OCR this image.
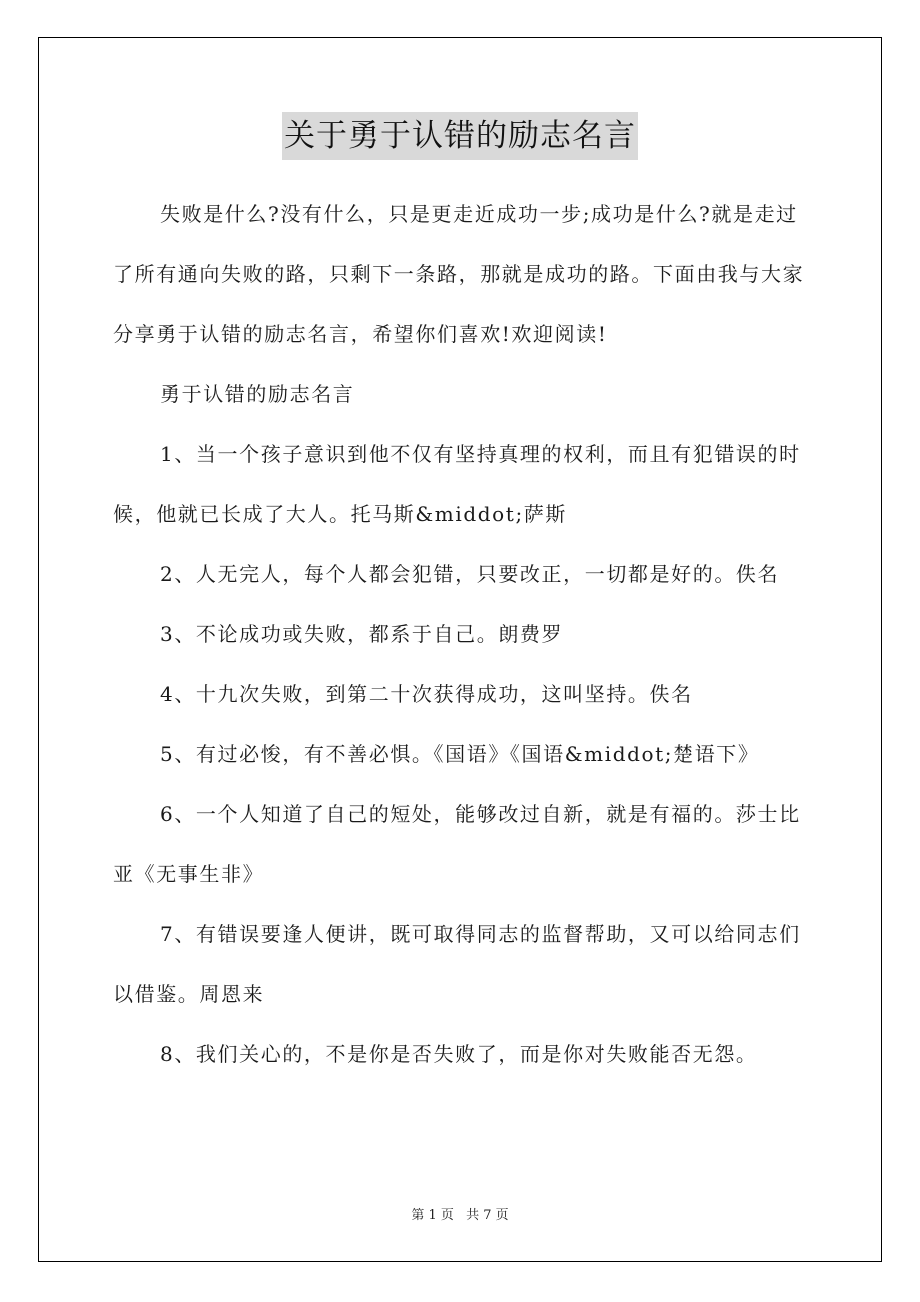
关于勇于认错的励志名言

失败是什么?没有什么，只是更走近成功一步;成功是什么?就是走过了所有通向失败的路，只剩下一条路，那就是成功的路。下面由我与大家分享勇于认错的励志名言，希望你们喜欢!欢迎阅读!

勇于认错的励志名言

1、当一个孩子意识到他不仅有坚持真理的权利，而且有犯错误的时候，他就已长成了大人。托马斯&middot;萨斯

2、人无完人，每个人都会犯错，只要改正，一切都是好的。佚名

3、不论成功或失败，都系于自己。朗费罗

4、十九次失败，到第二十次获得成功，这叫坚持。佚名

5、有过必悛，有不善必惧。《国语》《国语&middot;楚语下》

6、一个人知道了自己的短处，能够改过自新，就是有福的。莎士比亚《无事生非》

7、有错误要逢人便讲，既可取得同志的监督帮助，又可以给同志们以借鉴。周恩来

8、我们关心的，不是你是否失败了，而是你对失败能否无怨。

第 1 页 共 7 页
